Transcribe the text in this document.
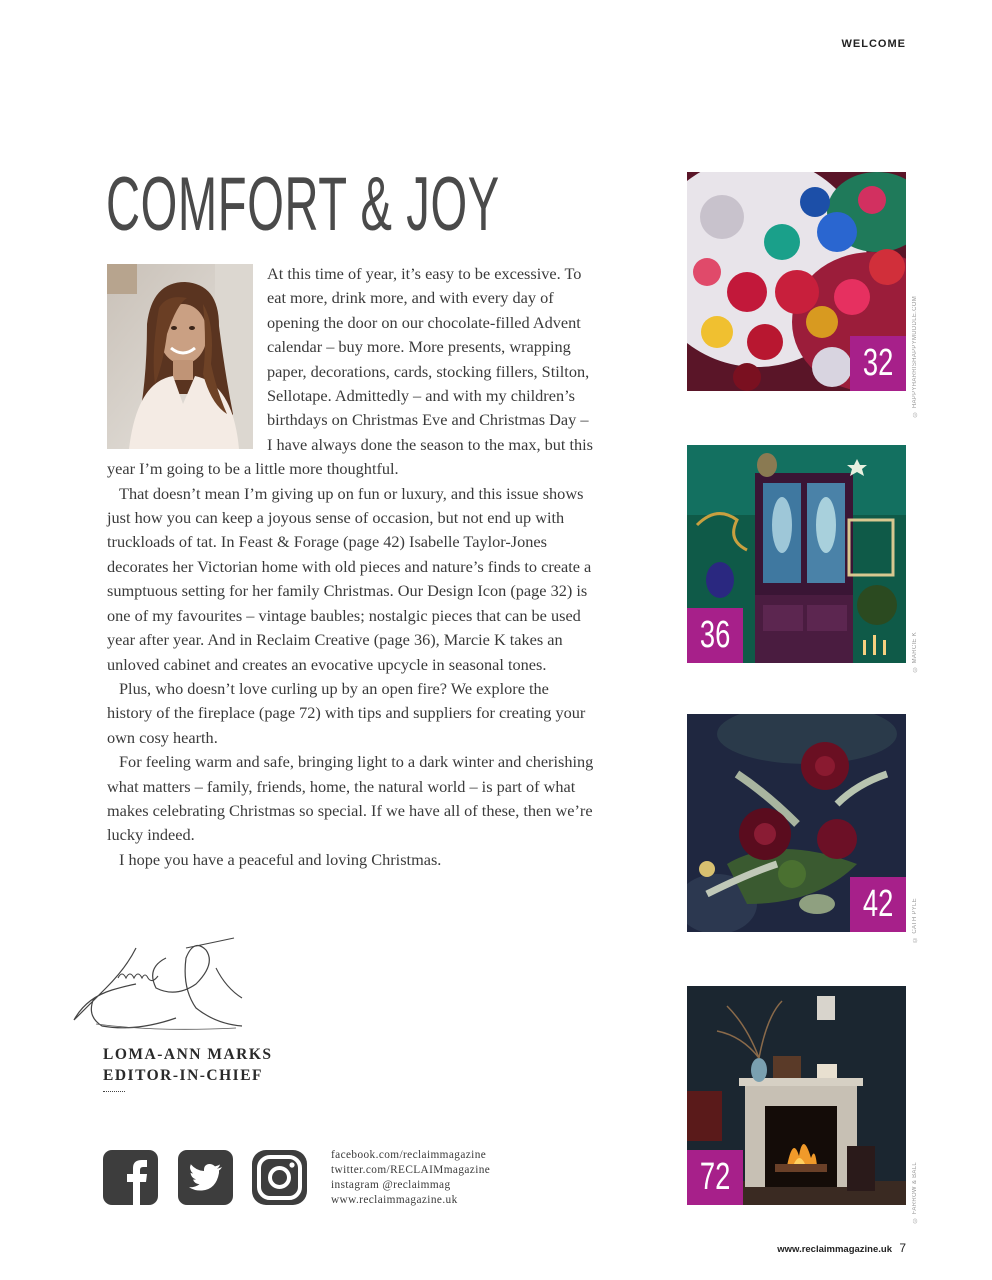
WELCOME
COMFORT & JOY

At this time of year, it’s easy to be excessive. To eat more, drink more, and with every day of opening the door on our chocolate-filled Advent calendar – buy more. More presents, wrapping paper, decorations, cards, stocking fillers, Stilton, Sellotape. Admittedly – and with my children’s birthdays on Christmas Eve and Christmas Day – I have always done the season to the max, but this year I’m going to be a little more thoughtful.

That doesn’t mean I’m giving up on fun or luxury, and this issue shows just how you can keep a joyous sense of occasion, but not end up with truckloads of tat. In Feast & Forage (page 42) Isabelle Taylor-Jones decorates her Victorian home with old pieces and nature’s finds to create a sumptuous setting for her family Christmas. Our Design Icon (page 32) is one of my favourites – vintage baubles; nostalgic pieces that can be used year after year. And in Reclaim Creative (page 36), Marcie K takes an unloved cabinet and creates an evocative upcycle in seasonal tones.

Plus, who doesn’t love curling up by an open fire? We explore the history of the fireplace (page 72) with tips and suppliers for creating your own cosy hearth.

For feeling warm and safe, bringing light to a dark winter and cherishing what matters – family, friends, home, the natural world – is part of what makes celebrating Christmas so special. If we have all of these, then we’re lucky indeed.

I hope you have a peaceful and loving Christmas.

LOMA-ANN MARKS
EDITOR-IN-CHIEF
facebook.com/reclaimmagazine
twitter.com/RECLAIMmagazine
instagram @reclaimmag
www.reclaimmagazine.uk
32	© HAPPYHARRISHAPPYMUDDLE.COM
36	© MARCIE K
42	© CATH PYLE
72	© FARROW & BALL
www.reclaimmagazine.uk 7
